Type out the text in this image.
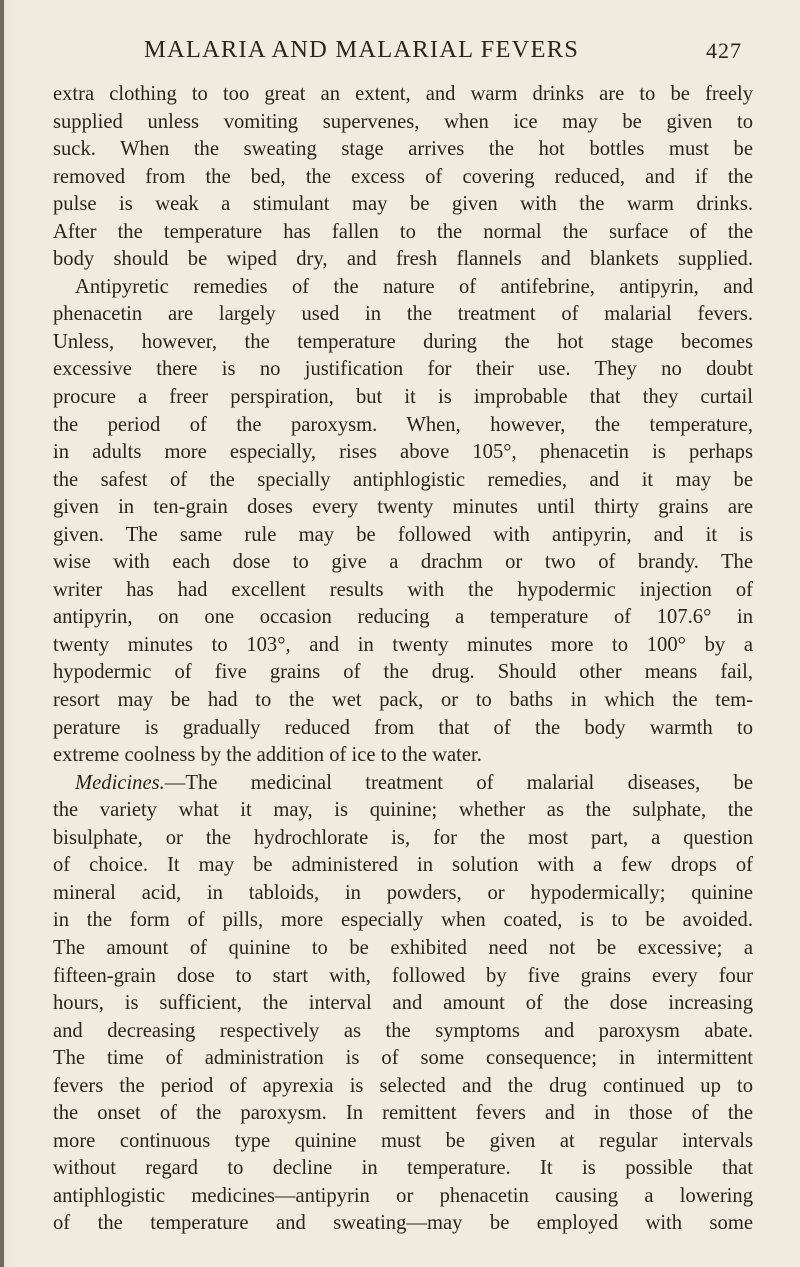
MALARIA AND MALARIAL FEVERS	427
extra clothing to too great an extent, and warm drinks are to be freely
supplied unless vomiting supervenes, when ice may be given to
suck. When the sweating stage arrives the hot bottles must be
removed from the bed, the excess of covering reduced, and if the
pulse is weak a stimulant may be given with the warm drinks.
After the temperature has fallen to the normal the surface of the
body should be wiped dry, and fresh flannels and blankets supplied.
Antipyretic remedies of the nature of antifebrine, antipyrin, and
phenacetin are largely used in the treatment of malarial fevers.
Unless, however, the temperature during the hot stage becomes
excessive there is no justification for their use. They no doubt
procure a freer perspiration, but it is improbable that they curtail
the period of the paroxysm. When, however, the temperature,
in adults more especially, rises above 105°, phenacetin is perhaps
the safest of the specially antiphlogistic remedies, and it may be
given in ten-grain doses every twenty minutes until thirty grains are
given. The same rule may be followed with antipyrin, and it is
wise with each dose to give a drachm or two of brandy. The
writer has had excellent results with the hypodermic injection of
antipyrin, on one occasion reducing a temperature of 107.6° in
twenty minutes to 103°, and in twenty minutes more to 100° by a
hypodermic of five grains of the drug. Should other means fail,
resort may be had to the wet pack, or to baths in which the tem-
perature is gradually reduced from that of the body warmth to
extreme coolness by the addition of ice to the water.
Medicines.—The medicinal treatment of malarial diseases, be
the variety what it may, is quinine; whether as the sulphate, the
bisulphate, or the hydrochlorate is, for the most part, a question
of choice. It may be administered in solution with a few drops of
mineral acid, in tabloids, in powders, or hypodermically; quinine
in the form of pills, more especially when coated, is to be avoided.
The amount of quinine to be exhibited need not be excessive; a
fifteen-grain dose to start with, followed by five grains every four
hours, is sufficient, the interval and amount of the dose increasing
and decreasing respectively as the symptoms and paroxysm abate.
The time of administration is of some consequence; in intermittent
fevers the period of apyrexia is selected and the drug continued up to
the onset of the paroxysm. In remittent fevers and in those of the
more continuous type quinine must be given at regular intervals
without regard to decline in temperature. It is possible that
antiphlogistic medicines—antipyrin or phenacetin causing a lowering
of the temperature and sweating—may be employed with some
